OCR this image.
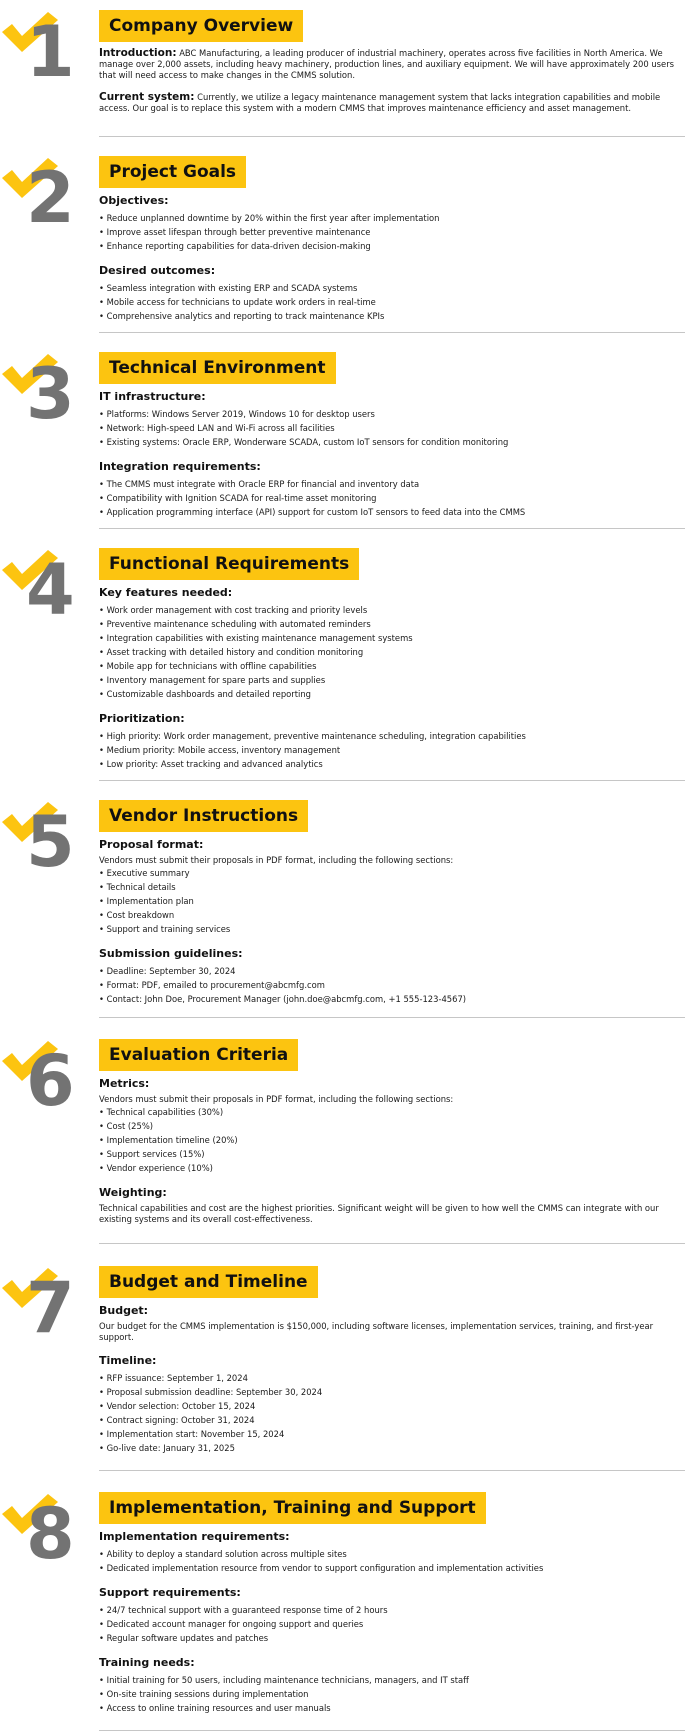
1 Company Overview
Introduction: ABC Manufacturing, a leading producer of industrial machinery, operates across five facilities in North America. We manage over 2,000 assets, including heavy machinery, production lines, and auxiliary equipment. We will have approximately 200 users that will need access to make changes in the CMMS solution.
Current system: Currently, we utilize a legacy maintenance management system that lacks integration capabilities and mobile access. Our goal is to replace this system with a modern CMMS that improves maintenance efficiency and asset management.
2 Project Goals
Objectives:
• Reduce unplanned downtime by 20% within the first year after implementation
• Improve asset lifespan through better preventive maintenance
• Enhance reporting capabilities for data-driven decision-making
Desired outcomes:
• Seamless integration with existing ERP and SCADA systems
• Mobile access for technicians to update work orders in real-time
• Comprehensive analytics and reporting to track maintenance KPIs
3 Technical Environment
IT infrastructure:
• Platforms: Windows Server 2019, Windows 10 for desktop users
• Network: High-speed LAN and Wi-Fi across all facilities
• Existing systems: Oracle ERP, Wonderware SCADA, custom IoT sensors for condition monitoring
Integration requirements:
• The CMMS must integrate with Oracle ERP for financial and inventory data
• Compatibility with Ignition SCADA for real-time asset monitoring
• Application programming interface (API) support for custom IoT sensors to feed data into the CMMS
4 Functional Requirements
Key features needed:
• Work order management with cost tracking and priority levels
• Preventive maintenance scheduling with automated reminders
• Integration capabilities with existing maintenance management systems
• Asset tracking with detailed history and condition monitoring
• Mobile app for technicians with offline capabilities
• Inventory management for spare parts and supplies
• Customizable dashboards and detailed reporting
Prioritization:
• High priority: Work order management, preventive maintenance scheduling, integration capabilities
• Medium priority: Mobile access, inventory management
• Low priority: Asset tracking and advanced analytics
5 Vendor Instructions
Proposal format:
Vendors must submit their proposals in PDF format, including the following sections:
• Executive summary
• Technical details
• Implementation plan
• Cost breakdown
• Support and training services
Submission guidelines:
• Deadline: September 30, 2024
• Format: PDF, emailed to procurement@abcmfg.com
• Contact: John Doe, Procurement Manager (john.doe@abcmfg.com, +1 555-123-4567)
6 Evaluation Criteria
Metrics:
Vendors must submit their proposals in PDF format, including the following sections:
• Technical capabilities (30%)
• Cost (25%)
• Implementation timeline (20%)
• Support services (15%)
• Vendor experience (10%)
Weighting:
Technical capabilities and cost are the highest priorities. Significant weight will be given to how well the CMMS can integrate with our existing systems and its overall cost-effectiveness.
7 Budget and Timeline
Budget:
Our budget for the CMMS implementation is $150,000, including software licenses, implementation services, training, and first-year support.
Timeline:
• RFP issuance: September 1, 2024
• Proposal submission deadline: September 30, 2024
• Vendor selection: October 15, 2024
• Contract signing: October 31, 2024
• Implementation start: November 15, 2024
• Go-live date: January 31, 2025
8 Implementation, Training and Support
Implementation requirements:
• Ability to deploy a standard solution across multiple sites
• Dedicated implementation resource from vendor to support configuration and implementation activities
Support requirements:
• 24/7 technical support with a guaranteed response time of 2 hours
• Dedicated account manager for ongoing support and queries
• Regular software updates and patches
Training needs:
• Initial training for 50 users, including maintenance technicians, managers, and IT staff
• On-site training sessions during implementation
• Access to online training resources and user manuals
